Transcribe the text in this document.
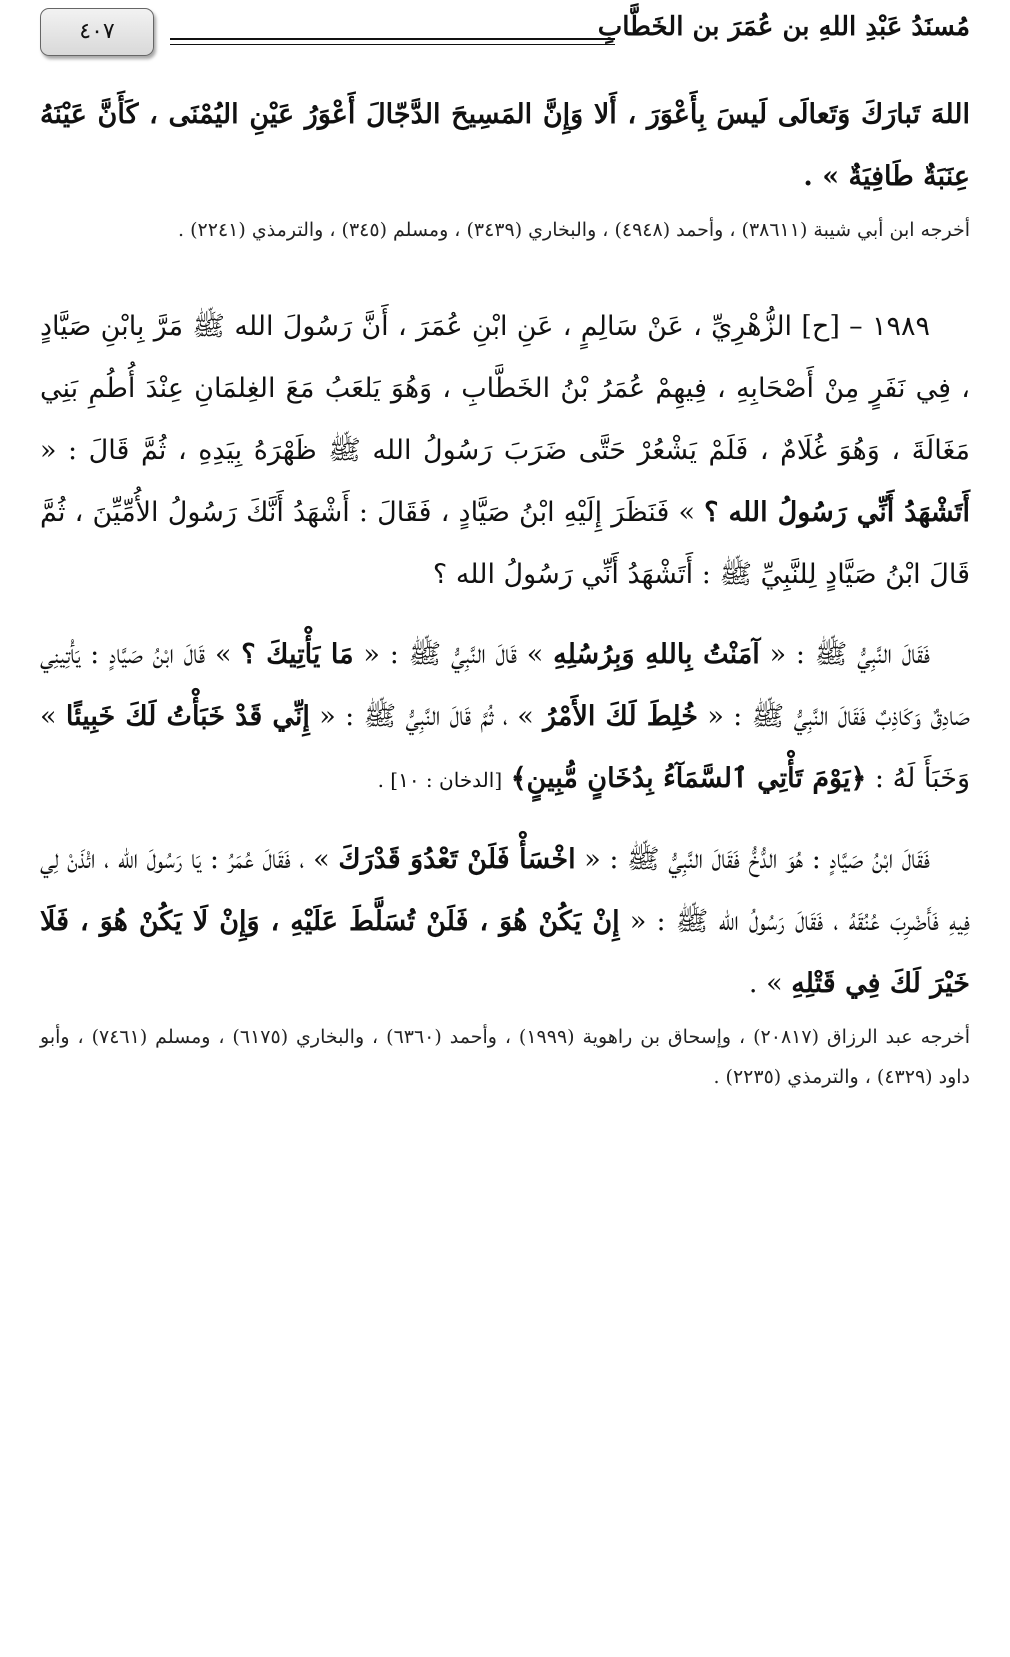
مُسنَدُ عَبْدِ اللهِ بن عُمَرَ بن الخَطَّابِ
٤٠٧

اللهَ تَبارَكَ وَتَعالَى لَيسَ بِأَعْوَرَ ، أَلا وَإِنَّ المَسِيحَ الدَّجّالَ أَعْوَرُ عَيْنِ اليُمْنَى ، كَأَنَّ عَيْنَهُ عِنَبَةٌ طَافِيَةٌ » .

أخرجه ابن أبي شيبة (٣٨٦١١) ، وأحمد (٤٩٤٨) ، والبخاري (٣٤٣٩) ، ومسلم (٣٤٥) ، والترمذي (٢٢٤١) .

١٩٨٩ – [ح] الزُّهْرِيِّ ، عَنْ سَالِمٍ ، عَنِ ابْنِ عُمَرَ ، أَنَّ رَسُولَ الله ﷺ مَرَّ بِابْنِ صَيَّادٍ ، فِي نَفَرٍ مِنْ أَصْحَابِهِ ، فِيهِمْ عُمَرُ بْنُ الخَطَّابِ ، وَهُوَ يَلعَبُ مَعَ الغِلمَانِ عِنْدَ أُطُمِ بَنِي مَغَالَةَ ، وَهُوَ غُلَامٌ ، فَلَمْ يَشْعُرْ حَتَّى ضَرَبَ رَسُولُ الله ﷺ ظَهْرَهُ بِيَدِهِ ، ثُمَّ قَالَ : « أَتَشْهَدُ أَنِّي رَسُولُ الله ؟ » فَنَظَرَ إِلَيْهِ ابْنُ صَيَّادٍ ، فَقَالَ : أَشْهَدُ أَنَّكَ رَسُولُ الأُمِّيِّنَ ، ثُمَّ قَالَ ابْنُ صَيَّادٍ لِلنَّبِيِّ ﷺ : أَتَشْهَدُ أَنِّي رَسُولُ الله ؟

فَقَالَ النَّبِيُّ ﷺ : « آمَنْتُ بِاللهِ وَبِرُسُلِهِ » قَالَ النَّبِيُّ ﷺ : « مَا يَأْتِيكَ ؟ » قَالَ ابْنُ صَيَّادٍ : يَأْتِينِي صَادِقٌ وَكَاذِبٌ فَقَالَ النَّبِيُّ ﷺ : « خُلِطَ لَكَ الأَمْرُ » ، ثُمَّ قَالَ النَّبِيُّ ﷺ : « إِنِّي قَدْ خَبَأْتُ لَكَ خَبِيئًا » وَخَبَأَ لَهُ : ﴿يَوْمَ تَأْتِي ٱلسَّمَآءُ بِدُخَانٍ مُّبِينٍ﴾ [الدخان : ١٠] .

فَقَالَ ابْنُ صَيَّادٍ : هُوَ الدُّخُّ فَقَالَ النَّبِيُّ ﷺ : « اخْسَأْ فَلَنْ تَعْدُوَ قَدْرَكَ » ، فَقَالَ عُمَرُ : يَا رَسُولَ الله ، ائْذَنْ لِي فِيهِ فَأَضْرِبَ عُنُقَهُ ، فَقَالَ رَسُولُ الله ﷺ : « إِنْ يَكُنْ هُوَ ، فَلَنْ تُسَلَّطَ عَلَيْهِ ، وَإِنْ لَا يَكُنْ هُوَ ، فَلَا خَيْرَ لَكَ فِي قَتْلِهِ » .

أخرجه عبد الرزاق (٢٠٨١٧) ، وإسحاق بن راهوية (١٩٩٩) ، وأحمد (٦٣٦٠) ، والبخاري (٦١٧٥) ، ومسلم (٧٤٦١) ، وأبو داود (٤٣٢٩) ، والترمذي (٢٢٣٥) .
